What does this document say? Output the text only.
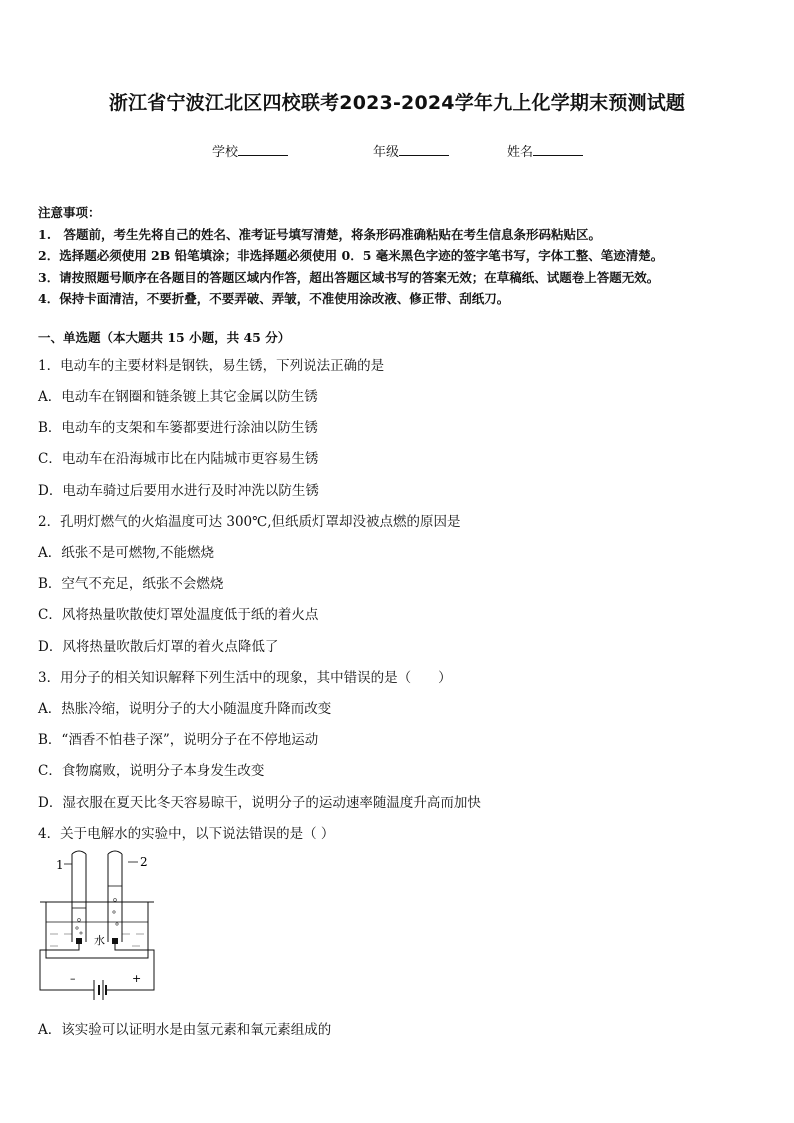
浙江省宁波江北区四校联考2023-2024学年九上化学期末预测试题
学校	年级	姓名
注意事项：
1.　答题前，考生先将自己的姓名、准考证号填写清楚，将条形码准确粘贴在考生信息条形码粘贴区。
2．选择题必须使用 2B 铅笔填涂；非选择题必须使用 0．5 毫米黑色字迹的签字笔书写，字体工整、笔迹清楚。
3．请按照题号顺序在各题目的答题区域内作答，超出答题区域书写的答案无效；在草稿纸、试题卷上答题无效。
4．保持卡面清洁，不要折叠，不要弄破、弄皱，不准使用涂改液、修正带、刮纸刀。
一、单选题（本大题共 15 小题，共 45 分）
1．电动车的主要材料是钢铁，易生锈，下列说法正确的是
A．电动车在钢圈和链条镀上其它金属以防生锈
B．电动车的支架和车篓都要进行涂油以防生锈
C．电动车在沿海城市比在内陆城市更容易生锈
D．电动车骑过后要用水进行及时冲洗以防生锈
2．孔明灯燃气的火焰温度可达 300℃,但纸质灯罩却没被点燃的原因是
A．纸张不是可燃物,不能燃烧
B．空气不充足，纸张不会燃烧
C．风将热量吹散使灯罩处温度低于纸的着火点
D．风将热量吹散后灯罩的着火点降低了
3．用分子的相关知识解释下列生活中的现象，其中错误的是（　　）
A．热胀冷缩，说明分子的大小随温度升降而改变
B．“酒香不怕巷子深”，说明分子在不停地运动
C．食物腐败，说明分子本身发生改变
D．湿衣服在夏天比冬天容易晾干，说明分子的运动速率随温度升高而加快
4．关于电解水的实验中，以下说法错误的是（ ）
1	2
水
–	+
A．该实验可以证明水是由氢元素和氧元素组成的
